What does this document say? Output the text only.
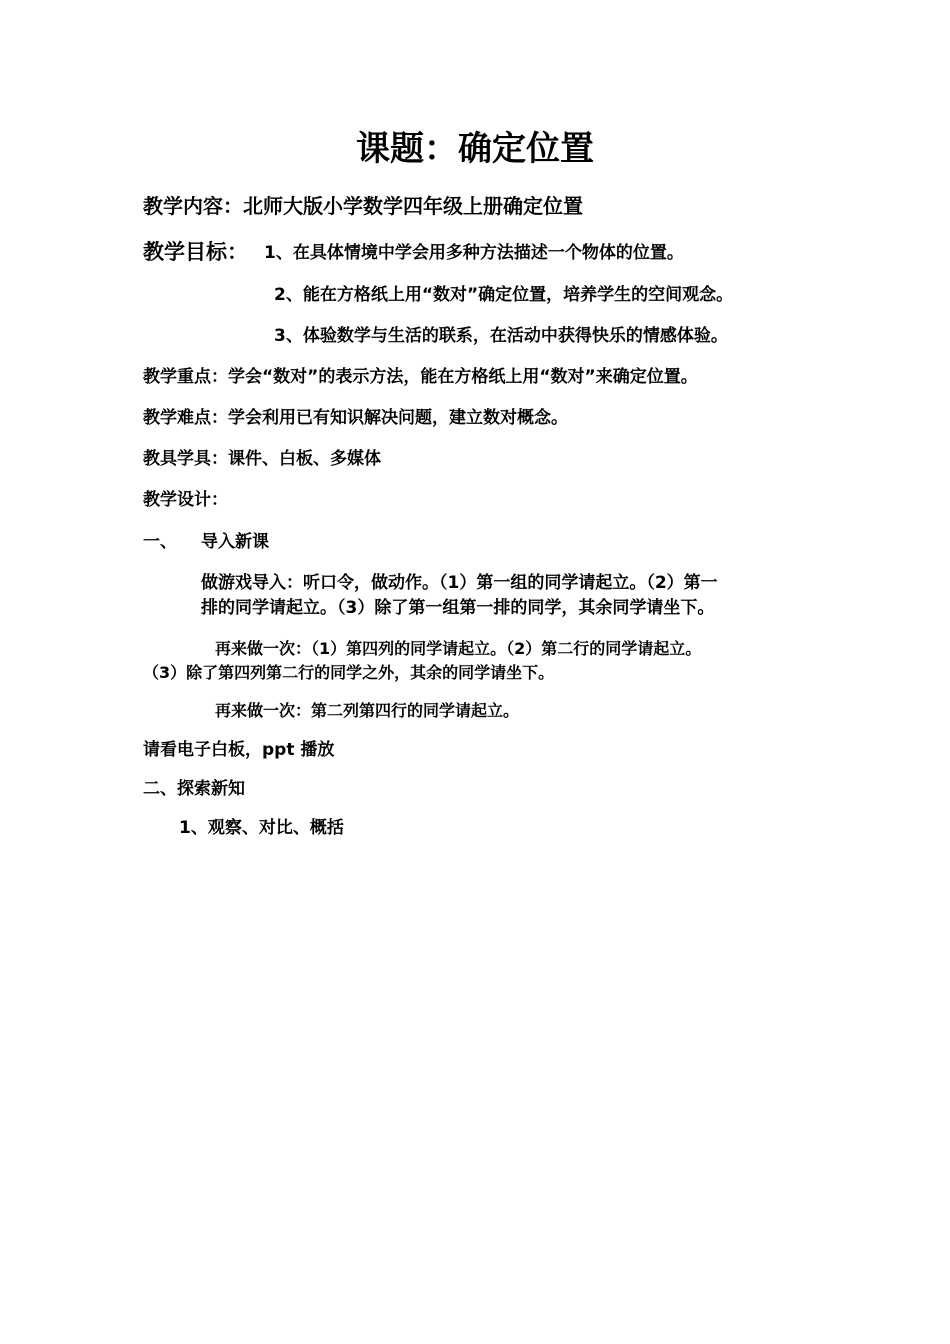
课题：确定位置
教学内容：北师大版小学数学四年级上册确定位置
教学目标： 1、在具体情境中学会用多种方法描述一个物体的位置。
2、能在方格纸上用“数对”确定位置，培养学生的空间观念。
3、体验数学与生活的联系，在活动中获得快乐的情感体验。
教学重点：学会“数对”的表示方法，能在方格纸上用“数对”来确定位置。
教学难点：学会利用已有知识解决问题，建立数对概念。
教具学具：课件、白板、多媒体
教学设计：
一、 导入新课
做游戏导入：听口令，做动作。（1）第一组的同学请起立。（2）第一
排的同学请起立。（3）除了第一组第一排的同学，其余同学请坐下。
再来做一次：（1）第四列的同学请起立。（2）第二行的同学请起立。
（3）除了第四列第二行的同学之外，其余的同学请坐下。
再来做一次：第二列第四行的同学请起立。
请看电子白板，ppt 播放
二、探索新知
1、观察、对比、概括
